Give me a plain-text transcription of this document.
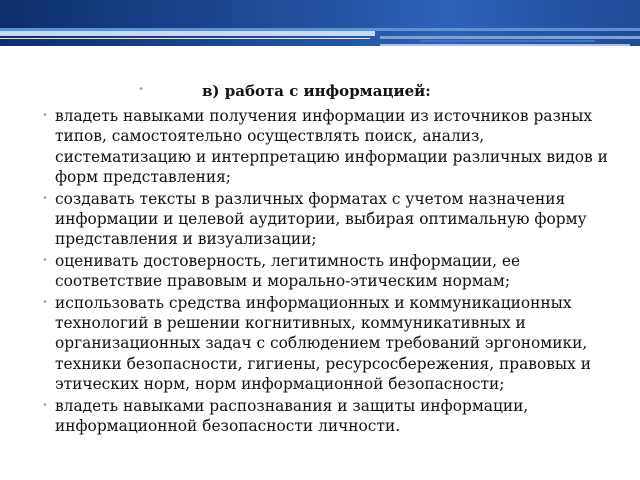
•	в) работа с информацией:
• владеть навыками получения информации из источников разных типов, самостоятельно осуществлять поиск, анализ, систематизацию и интерпретацию информации различных видов и форм представления;
• создавать тексты в различных форматах с учетом назначения информации и целевой аудитории, выбирая оптимальную форму представления и визуализации;
• оценивать достоверность, легитимность информации, ее соответствие правовым и морально-этическим нормам;
• использовать средства информационных и коммуникационных технологий в решении когнитивных, коммуникативных и организационных задач с соблюдением требований эргономики, техники безопасности, гигиены, ресурсосбережения, правовых и этических норм, норм информационной безопасности;
• владеть навыками распознавания и защиты информации, информационной безопасности личности.
